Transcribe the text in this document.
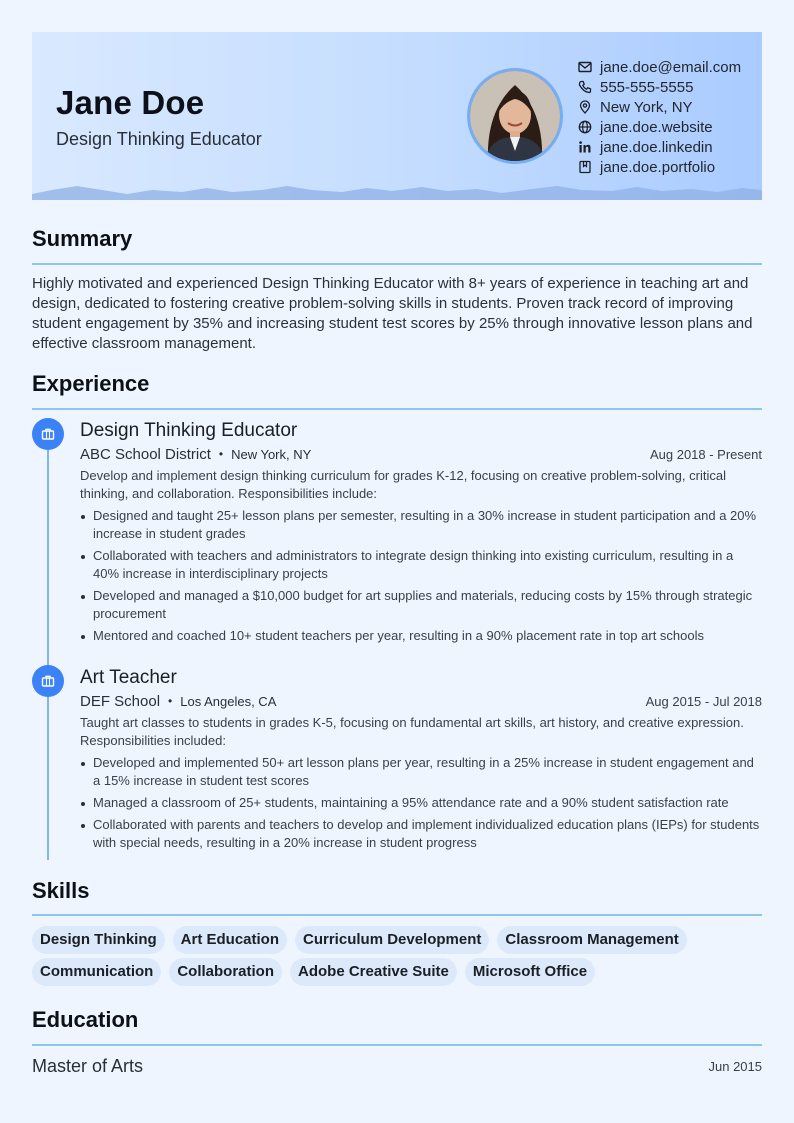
Jane Doe
Design Thinking Educator
jane.doe@email.com
555-555-5555
New York, NY
jane.doe.website
jane.doe.linkedin
jane.doe.portfolio
Summary
Highly motivated and experienced Design Thinking Educator with 8+ years of experience in teaching art and design, dedicated to fostering creative problem-solving skills in students. Proven track record of improving student engagement by 35% and increasing student test scores by 25% through innovative lesson plans and effective classroom management.
Experience
Design Thinking Educator
ABC School District • New York, NY	Aug 2018 - Present
Develop and implement design thinking curriculum for grades K-12, focusing on creative problem-solving, critical thinking, and collaboration. Responsibilities include:
Designed and taught 25+ lesson plans per semester, resulting in a 30% increase in student participation and a 20% increase in student grades
Collaborated with teachers and administrators to integrate design thinking into existing curriculum, resulting in a 40% increase in interdisciplinary projects
Developed and managed a $10,000 budget for art supplies and materials, reducing costs by 15% through strategic procurement
Mentored and coached 10+ student teachers per year, resulting in a 90% placement rate in top art schools
Art Teacher
DEF School • Los Angeles, CA	Aug 2015 - Jul 2018
Taught art classes to students in grades K-5, focusing on fundamental art skills, art history, and creative expression. Responsibilities included:
Developed and implemented 50+ art lesson plans per year, resulting in a 25% increase in student engagement and a 15% increase in student test scores
Managed a classroom of 25+ students, maintaining a 95% attendance rate and a 90% student satisfaction rate
Collaborated with parents and teachers to develop and implement individualized education plans (IEPs) for students with special needs, resulting in a 20% increase in student progress
Skills
Design Thinking	Art Education	Curriculum Development	Classroom Management
Communication	Collaboration	Adobe Creative Suite	Microsoft Office
Education
Master of Arts	Jun 2015
